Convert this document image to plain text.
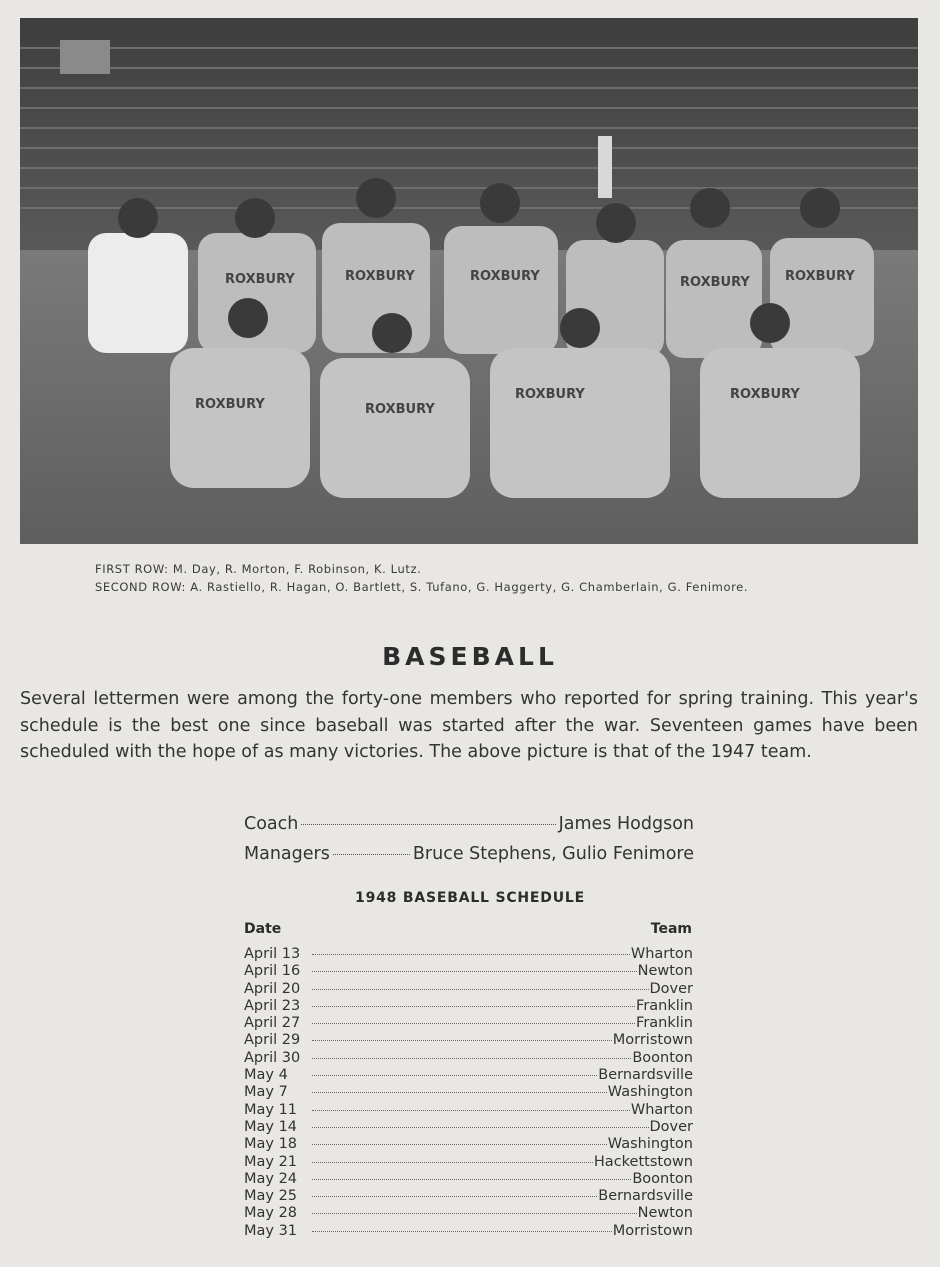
ROXBURY	ROXBURY	ROXBURY	ROXBURY	ROXBURY
ROXBURY	ROXBURY
ROXBURY	ROXBURY
FIRST ROW: M. Day, R. Morton, F. Robinson, K. Lutz.
SECOND ROW: A. Rastiello, R. Hagan, O. Bartlett, S. Tufano, G. Haggerty, G. Chamberlain, G. Fenimore.
BASEBALL
Several lettermen were among the forty-one members who reported for spring training. This year's schedule is the best one since baseball was started after the war. Seventeen games have been scheduled with the hope of as many victories. The above picture is that of the 1947 team.
Coach	James Hodgson
Managers	Bruce Stephens, Gulio Fenimore
1948 BASEBALL SCHEDULE
Date	Team
April 13	Wharton
April 16	Newton
April 20	Dover
April 23	Franklin
April 27	Franklin
April 29	Morristown
April 30	Boonton
May 4	Bernardsville
May 7	Washington
May 11	Wharton
May 14	Dover
May 18	Washington
May 21	Hackettstown
May 24	Boonton
May 25	Bernardsville
May 28	Newton
May 31	Morristown
